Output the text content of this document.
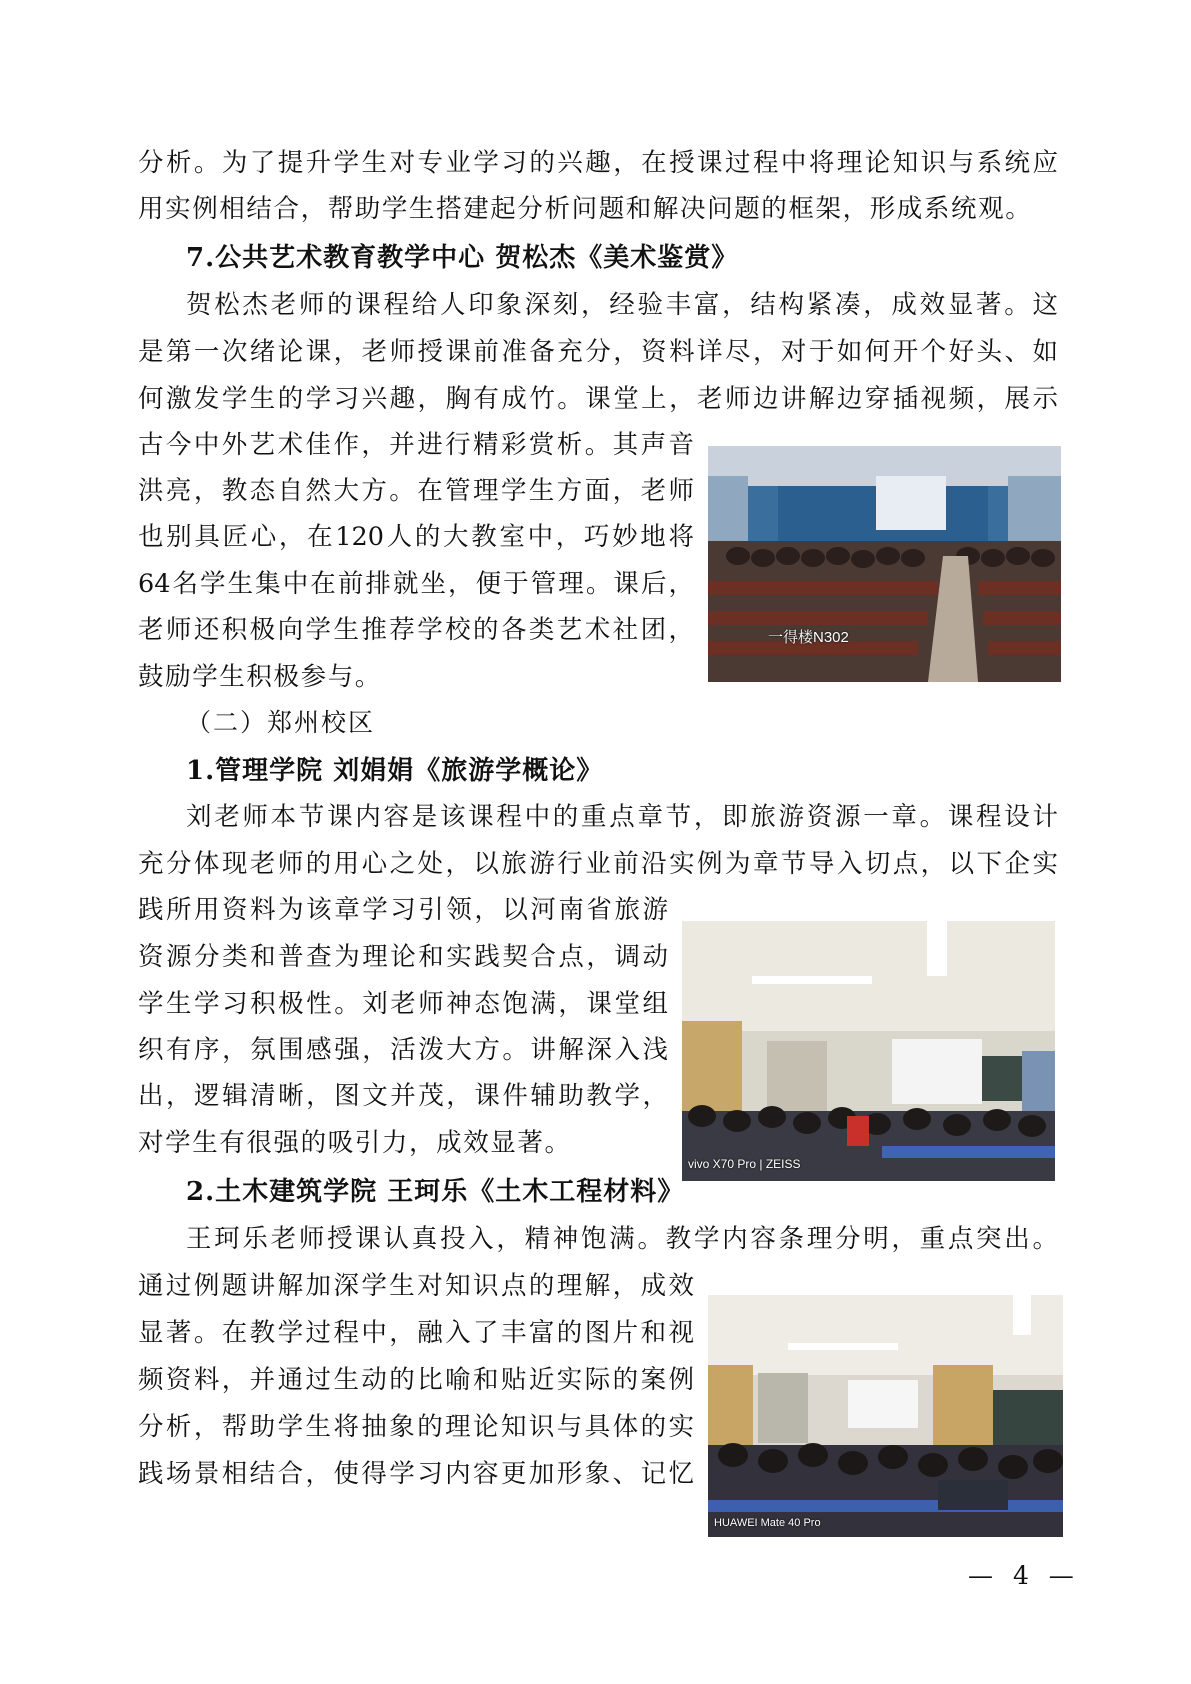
分析。为了提升学生对专业学习的兴趣，在授课过程中将理论知识与系统应
用实例相结合，帮助学生搭建起分析问题和解决问题的框架，形成系统观。
7.公共艺术教育教学中心 贺松杰《美术鉴赏》
贺松杰老师的课程给人印象深刻，经验丰富，结构紧凑，成效显著。这
是第一次绪论课，老师授课前准备充分，资料详尽，对于如何开个好头、如
何激发学生的学习兴趣，胸有成竹。课堂上，老师边讲解边穿插视频，展示
古今中外艺术佳作，并进行精彩赏析。其声音
洪亮，教态自然大方。在管理学生方面，老师
也别具匠心，在120人的大教室中，巧妙地将
64名学生集中在前排就坐，便于管理。课后，
老师还积极向学生推荐学校的各类艺术社团，
鼓励学生积极参与。
一得楼N302
（二）郑州校区
1.管理学院 刘娟娟《旅游学概论》
刘老师本节课内容是该课程中的重点章节，即旅游资源一章。课程设计
充分体现老师的用心之处，以旅游行业前沿实例为章节导入切点，以下企实
践所用资料为该章学习引领，以河南省旅游
资源分类和普查为理论和实践契合点，调动
学生学习积极性。刘老师神态饱满，课堂组
织有序，氛围感强，活泼大方。讲解深入浅
出，逻辑清晰，图文并茂，课件辅助教学，
对学生有很强的吸引力，成效显著。
vivo X70 Pro | ZEISS
2.土木建筑学院 王珂乐《土木工程材料》
王珂乐老师授课认真投入，精神饱满。教学内容条理分明，重点突出。
通过例题讲解加深学生对知识点的理解，成效
显著。在教学过程中，融入了丰富的图片和视
频资料，并通过生动的比喻和贴近实际的案例
分析，帮助学生将抽象的理论知识与具体的实
践场景相结合，使得学习内容更加形象、记忆
HUAWEI Mate 40 Pro
— 4 —
